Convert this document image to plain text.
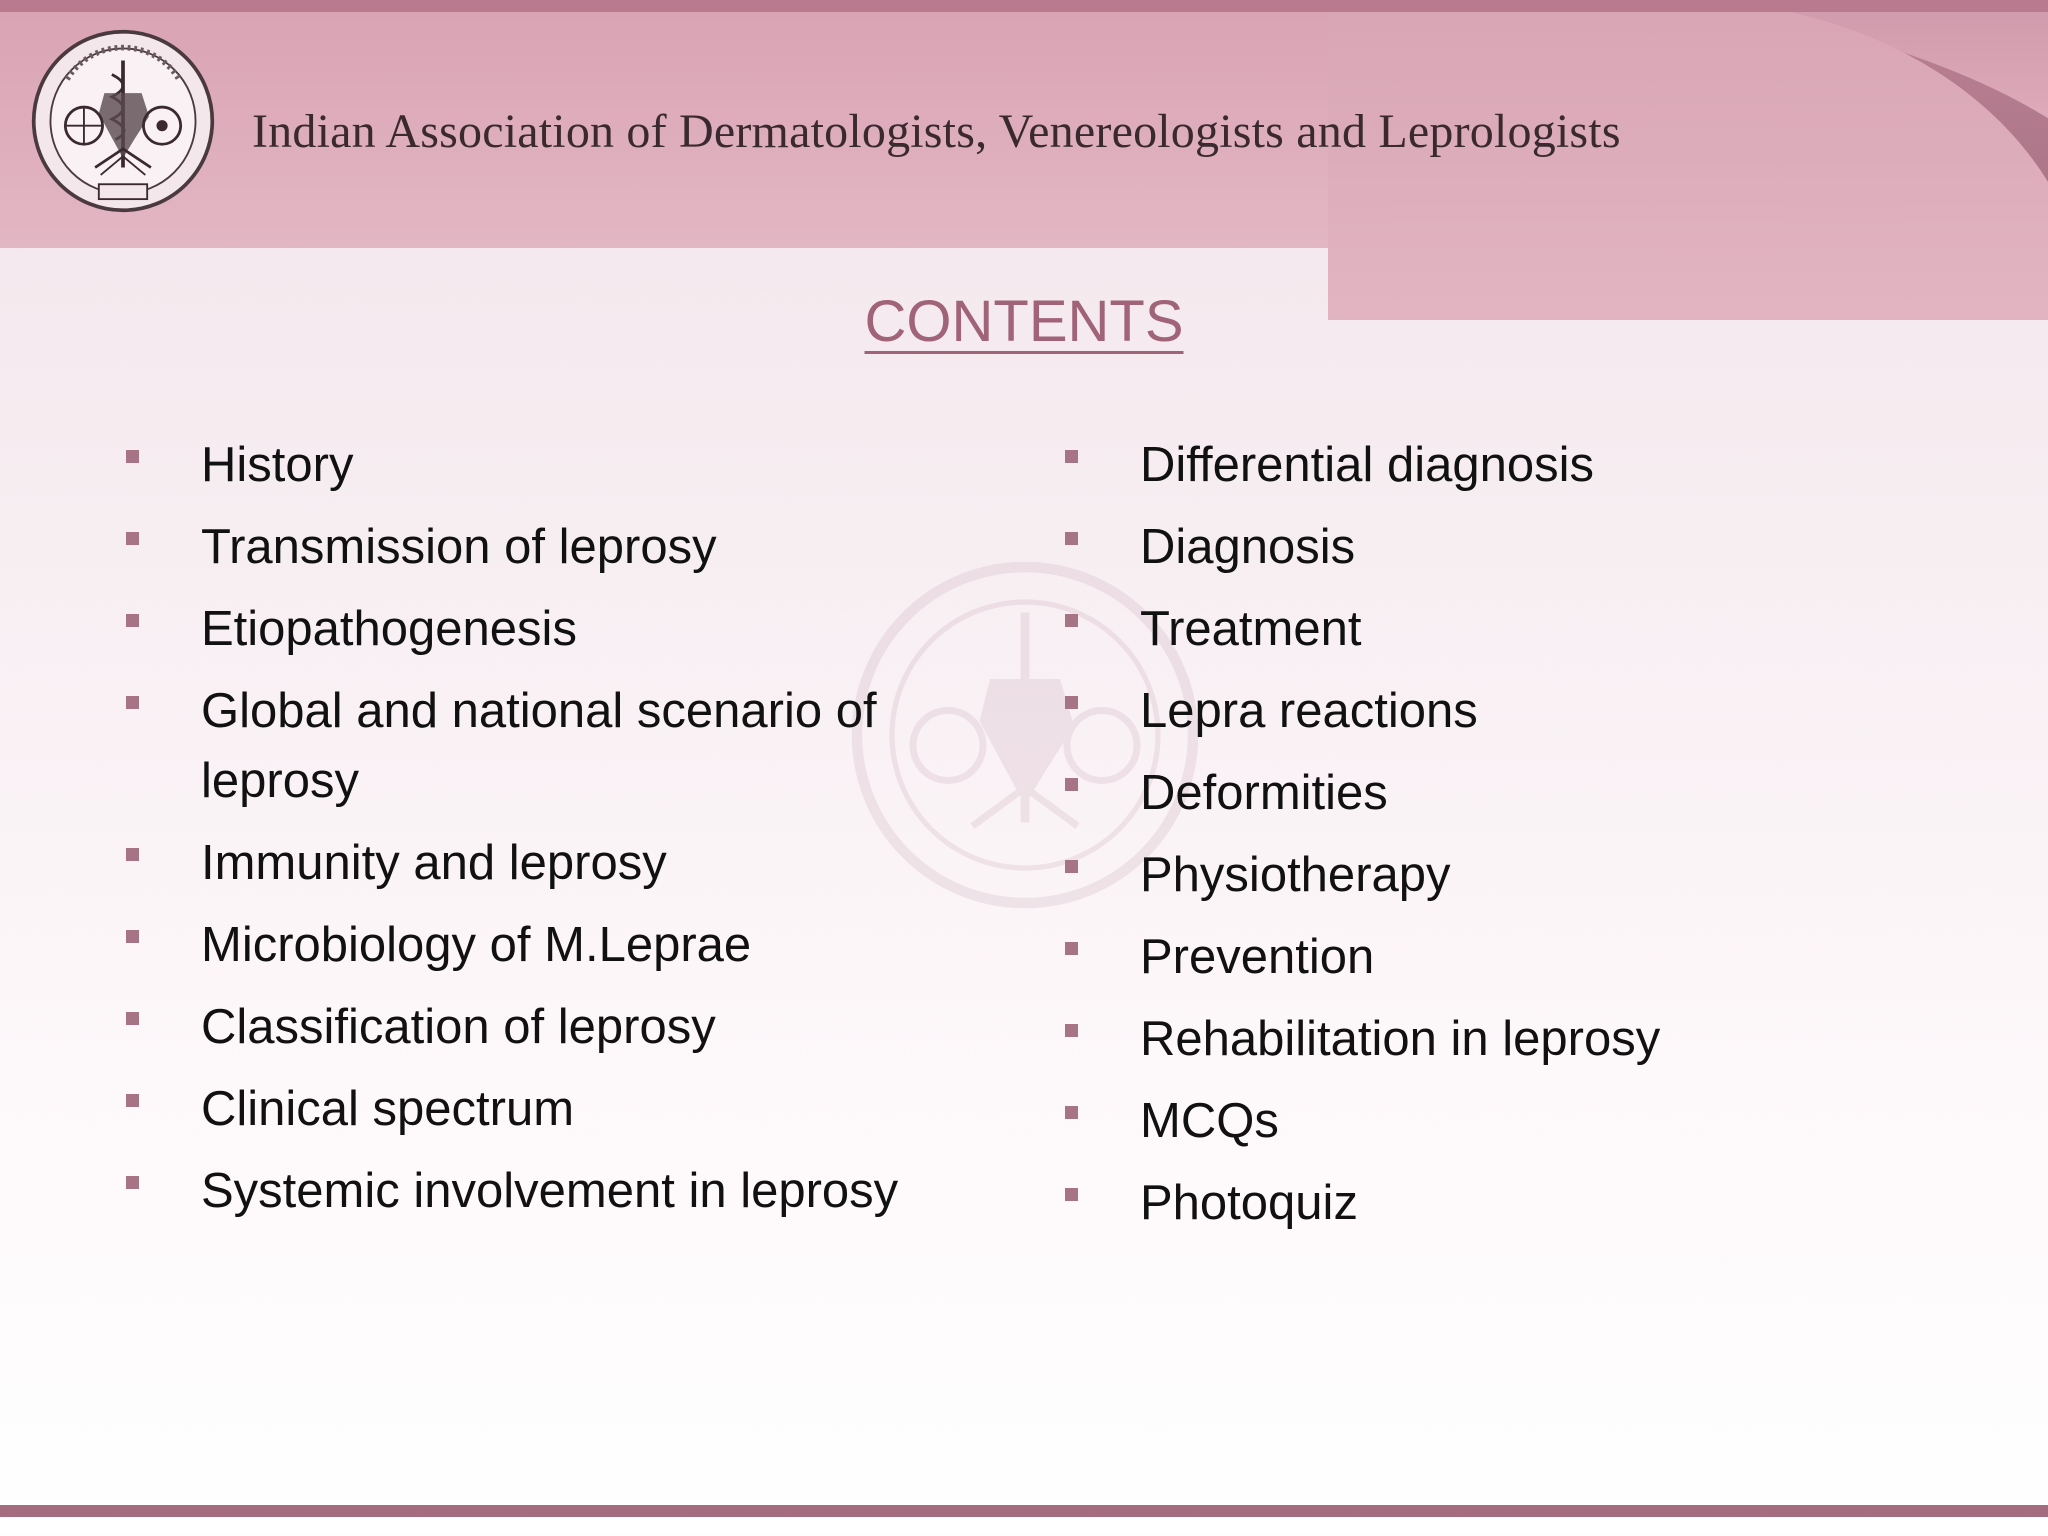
Indian Association of Dermatologists, Venereologists and Leprologists
CONTENTS
History
Transmission of leprosy
Etiopathogenesis
Global and national scenario of leprosy
Immunity and leprosy
Microbiology of M.Leprae
Classification of leprosy
Clinical spectrum
Systemic involvement in leprosy
Differential diagnosis
Diagnosis
Treatment
Lepra reactions
Deformities
Physiotherapy
Prevention
Rehabilitation in leprosy
MCQs
Photoquiz
